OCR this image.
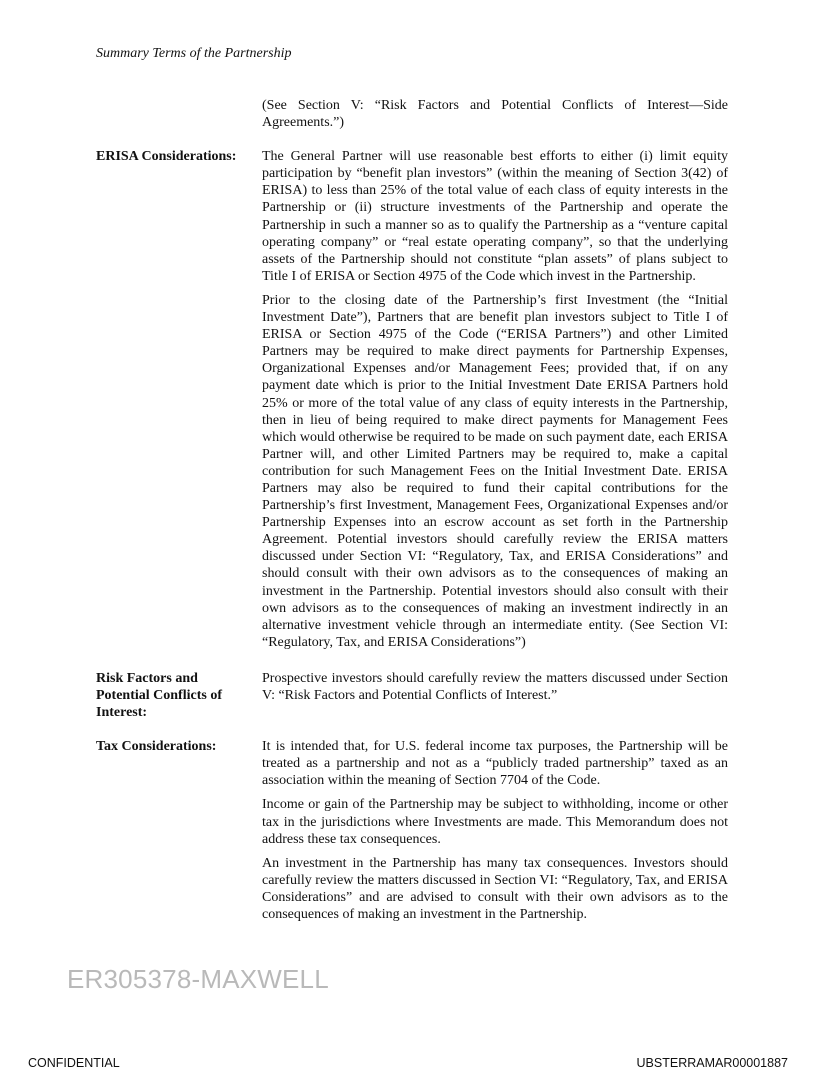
Summary Terms of the Partnership

(See Section V: “Risk Factors and Potential Conflicts of Interest—Side Agreements.”)

ERISA Considerations:	The General Partner will use reasonable best efforts to either (i) limit equity participation by “benefit plan investors” (within the meaning of Section 3(42) of ERISA) to less than 25% of the total value of each class of equity interests in the Partnership or (ii) structure investments of the Partnership and operate the Partnership in such a manner so as to qualify the Partnership as a “venture capital operating company” or “real estate operating company”, so that the underlying assets of the Partnership should not constitute “plan assets” of plans subject to Title I of ERISA or Section 4975 of the Code which invest in the Partnership.

Prior to the closing date of the Partnership’s first Investment (the “Initial Investment Date”), Partners that are benefit plan investors subject to Title I of ERISA or Section 4975 of the Code (“ERISA Partners”) and other Limited Partners may be required to make direct payments for Partnership Expenses, Organizational Expenses and/or Management Fees; provided that, if on any payment date which is prior to the Initial Investment Date ERISA Partners hold 25% or more of the total value of any class of equity interests in the Partnership, then in lieu of being required to make direct payments for Management Fees which would otherwise be required to be made on such payment date, each ERISA Partner will, and other Limited Partners may be required to, make a capital contribution for such Management Fees on the Initial Investment Date. ERISA Partners may also be required to fund their capital contributions for the Partnership’s first Investment, Management Fees, Organizational Expenses and/or Partnership Expenses into an escrow account as set forth in the Partnership Agreement. Potential investors should carefully review the ERISA matters discussed under Section VI: “Regulatory, Tax, and ERISA Considerations” and should consult with their own advisors as to the consequences of making an investment in the Partnership. Potential investors should also consult with their own advisors as to the consequences of making an investment indirectly in an alternative investment vehicle through an intermediate entity. (See Section VI: “Regulatory, Tax, and ERISA Considerations”)

Risk Factors and
Potential Conflicts of
Interest:

Prospective investors should carefully review the matters discussed under Section V: “Risk Factors and Potential Conflicts of Interest.”

Tax Considerations:	It is intended that, for U.S. federal income tax purposes, the Partnership will be treated as a partnership and not as a “publicly traded partnership” taxed as an association within the meaning of Section 7704 of the Code.

Income or gain of the Partnership may be subject to withholding, income or other tax in the jurisdictions where Investments are made. This Memorandum does not address these tax consequences.

An investment in the Partnership has many tax consequences. Investors should carefully review the matters discussed in Section VI: “Regulatory, Tax, and ERISA Considerations” and are advised to consult with their own advisors as to the consequences of making an investment in the Partnership.

ER305378-MAXWELL
CONFIDENTIAL	UBSTERRAMAR00001887
